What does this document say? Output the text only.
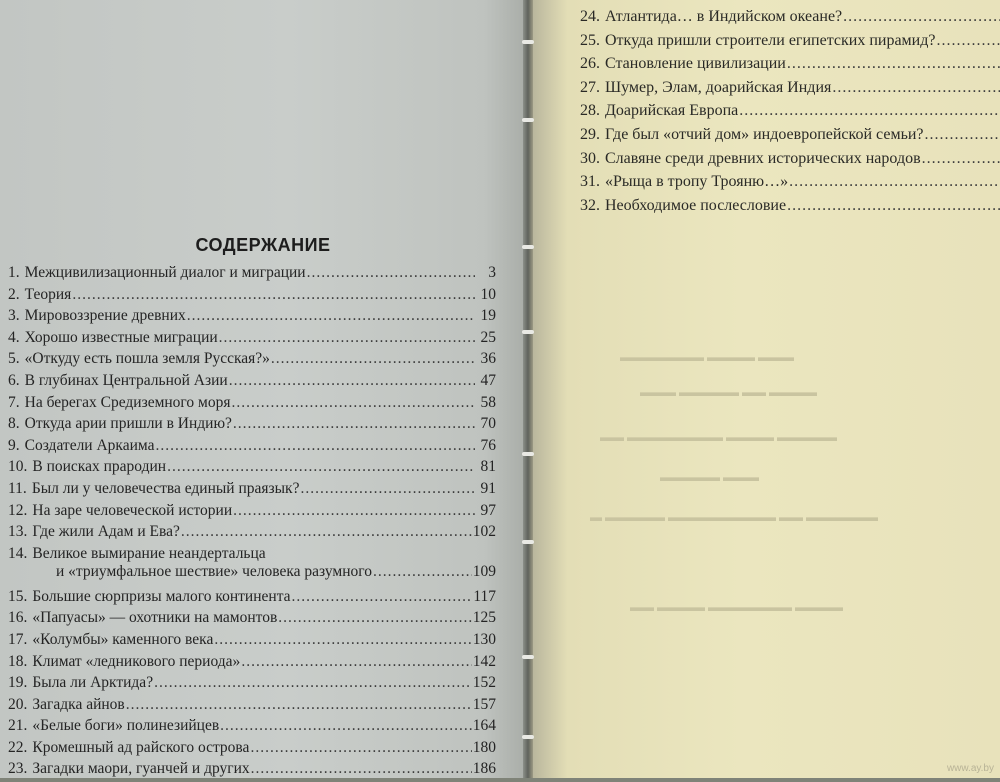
▬▬▬ ▬▬▬▬ ▬▬▬▬▬▬▬
▬▬▬▬ ▬▬ ▬▬▬▬▬ ▬▬▬
▬▬▬▬▬ ▬▬▬▬ ▬▬▬▬▬▬▬▬ ▬▬
▬▬▬ ▬▬▬▬▬
▬▬▬▬▬▬ ▬▬ ▬▬▬▬▬▬▬▬▬ ▬▬▬▬▬ ▬
▬▬▬▬ ▬▬▬▬▬▬▬ ▬▬▬▬ ▬▬
СОДЕРЖАНИЕ
1. Межцивилизационный диалог и миграции .....	3
2. Теория .....	10
3. Мировоззрение древних .....	19
4. Хорошо известные миграции .....	25
5. «Откуду есть пошла земля Русская?» .....	36
6. В глубинах Центральной Азии .....	47
7. На берегах Средиземного моря .....	58
8. Откуда арии пришли в Индию? .....	70
9. Создатели Аркаима .....	76
10. В поисках прародин .....	81
11. Был ли у человечества единый праязык? .....	91
12. На заре человеческой истории .....	97
13. Где жили Адам и Ева? .....	102
14. Великое вымирание неандертальца
и «триумфальное шествие» человека разумного .....	109
15. Большие сюрпризы малого континента .....	117
16. «Папуасы» — охотники на мамонтов .....	125
17. «Колумбы» каменного века .....	130
18. Климат «ледникового периода» .....	142
19. Была ли Арктида? .....	152
20. Загадка айнов .....	157
21. «Белые боги» полинезийцев .....	164
22. Кромешный ад райского острова .....	180
23. Загадки маори, гуанчей и других .....	186
24. Атлантида… в Индийском океане?
.....
25. Откуда пришли строители египетских пирамид?
.....
26. Становление цивилизации
.....
27. Шумер, Элам, доарийская Индия
.....
28. Доарийская Европа
.....
29. Где был «отчий дом» индоевропейской семьи?
.....
30. Славяне среди древних исторических народов
.....
31. «Рыща в тропу Трояню…»
.....
32. Необходимое послесловие
.....
www.ay.by
